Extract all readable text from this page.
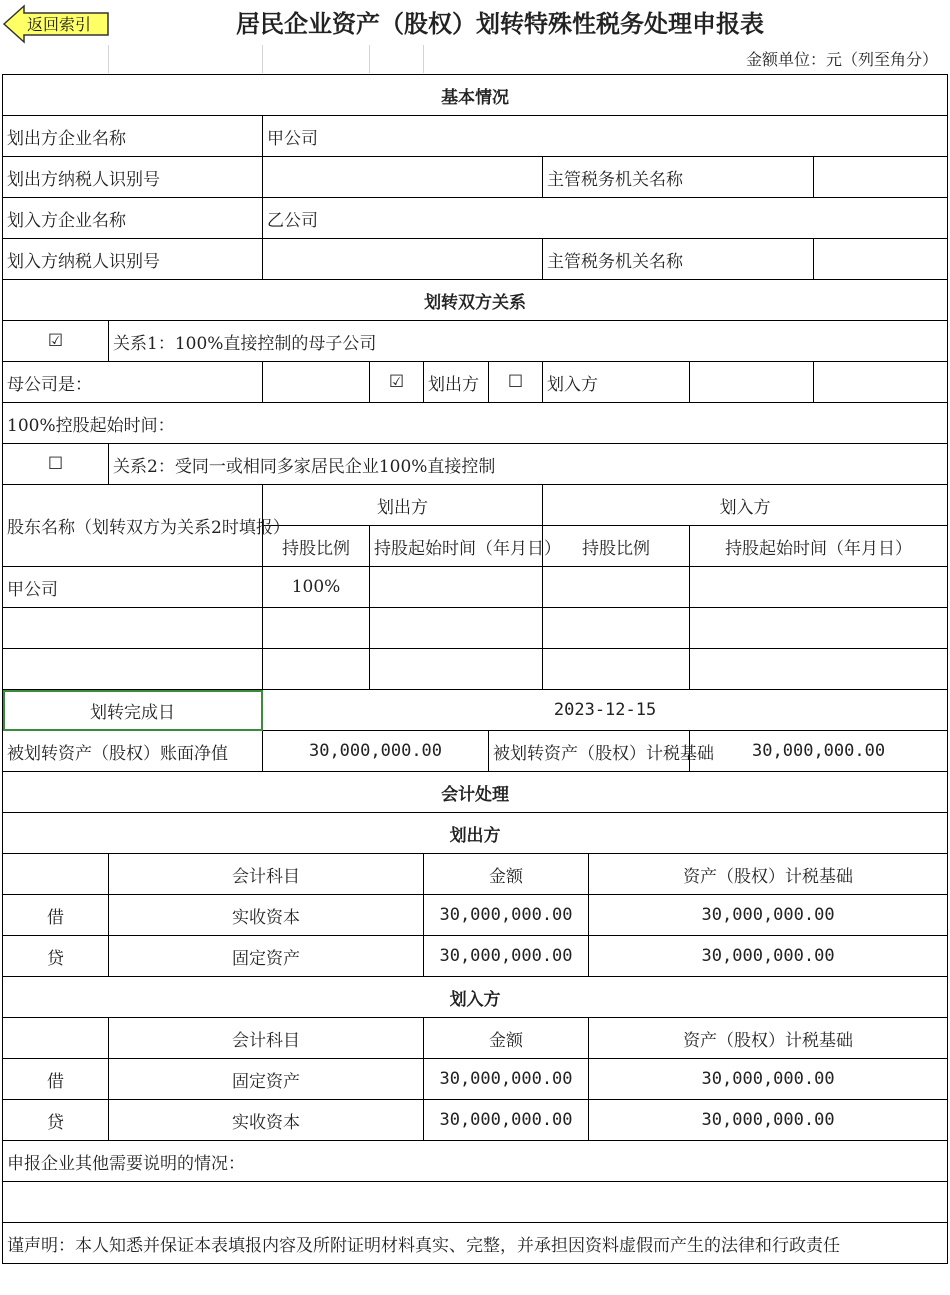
返回索引	居民企业资产（股权）划转特殊性税务处理申报表
金额单位：元（列至角分）
基本情况									
划出方企业名称		甲公司							
划出方纳税人识别号						主管税务机关名称			
划入方企业名称		乙公司							
划入方纳税人识别号						主管税务机关名称			
划转双方关系									
☑	关系1：100%直接控制的母子公司								
母公司是：			☑	划出方	☐	划入方			
100%控股起始时间：									
☐	关系2：受同一或相同多家居民企业100%直接控制								
股东名称（划转双方为关系2时填报）		划出方				划入方			
		持股比例	持股起始时间（年月日）			持股比例		持股起始时间（年月日）	
甲公司		100%							

划转完成日		2023-12-15							
被划转资产（股权）账面净值		30,000,000.00			被划转资产（股权）计税基础			30,000,000.00	
会计处理									
划出方									
	会计科目			金额			资产（股权）计税基础		
借	实收资本			30,000,000.00			30,000,000.00		
贷	固定资产			30,000,000.00			30,000,000.00		
划入方									
	会计科目			金额			资产（股权）计税基础		
借	固定资产			30,000,000.00			30,000,000.00		
贷	实收资本			30,000,000.00			30,000,000.00		
申报企业其他需要说明的情况：									

谨声明：本人知悉并保证本表填报内容及所附证明材料真实、完整，并承担因资料虚假而产生的法律和行政责任									
